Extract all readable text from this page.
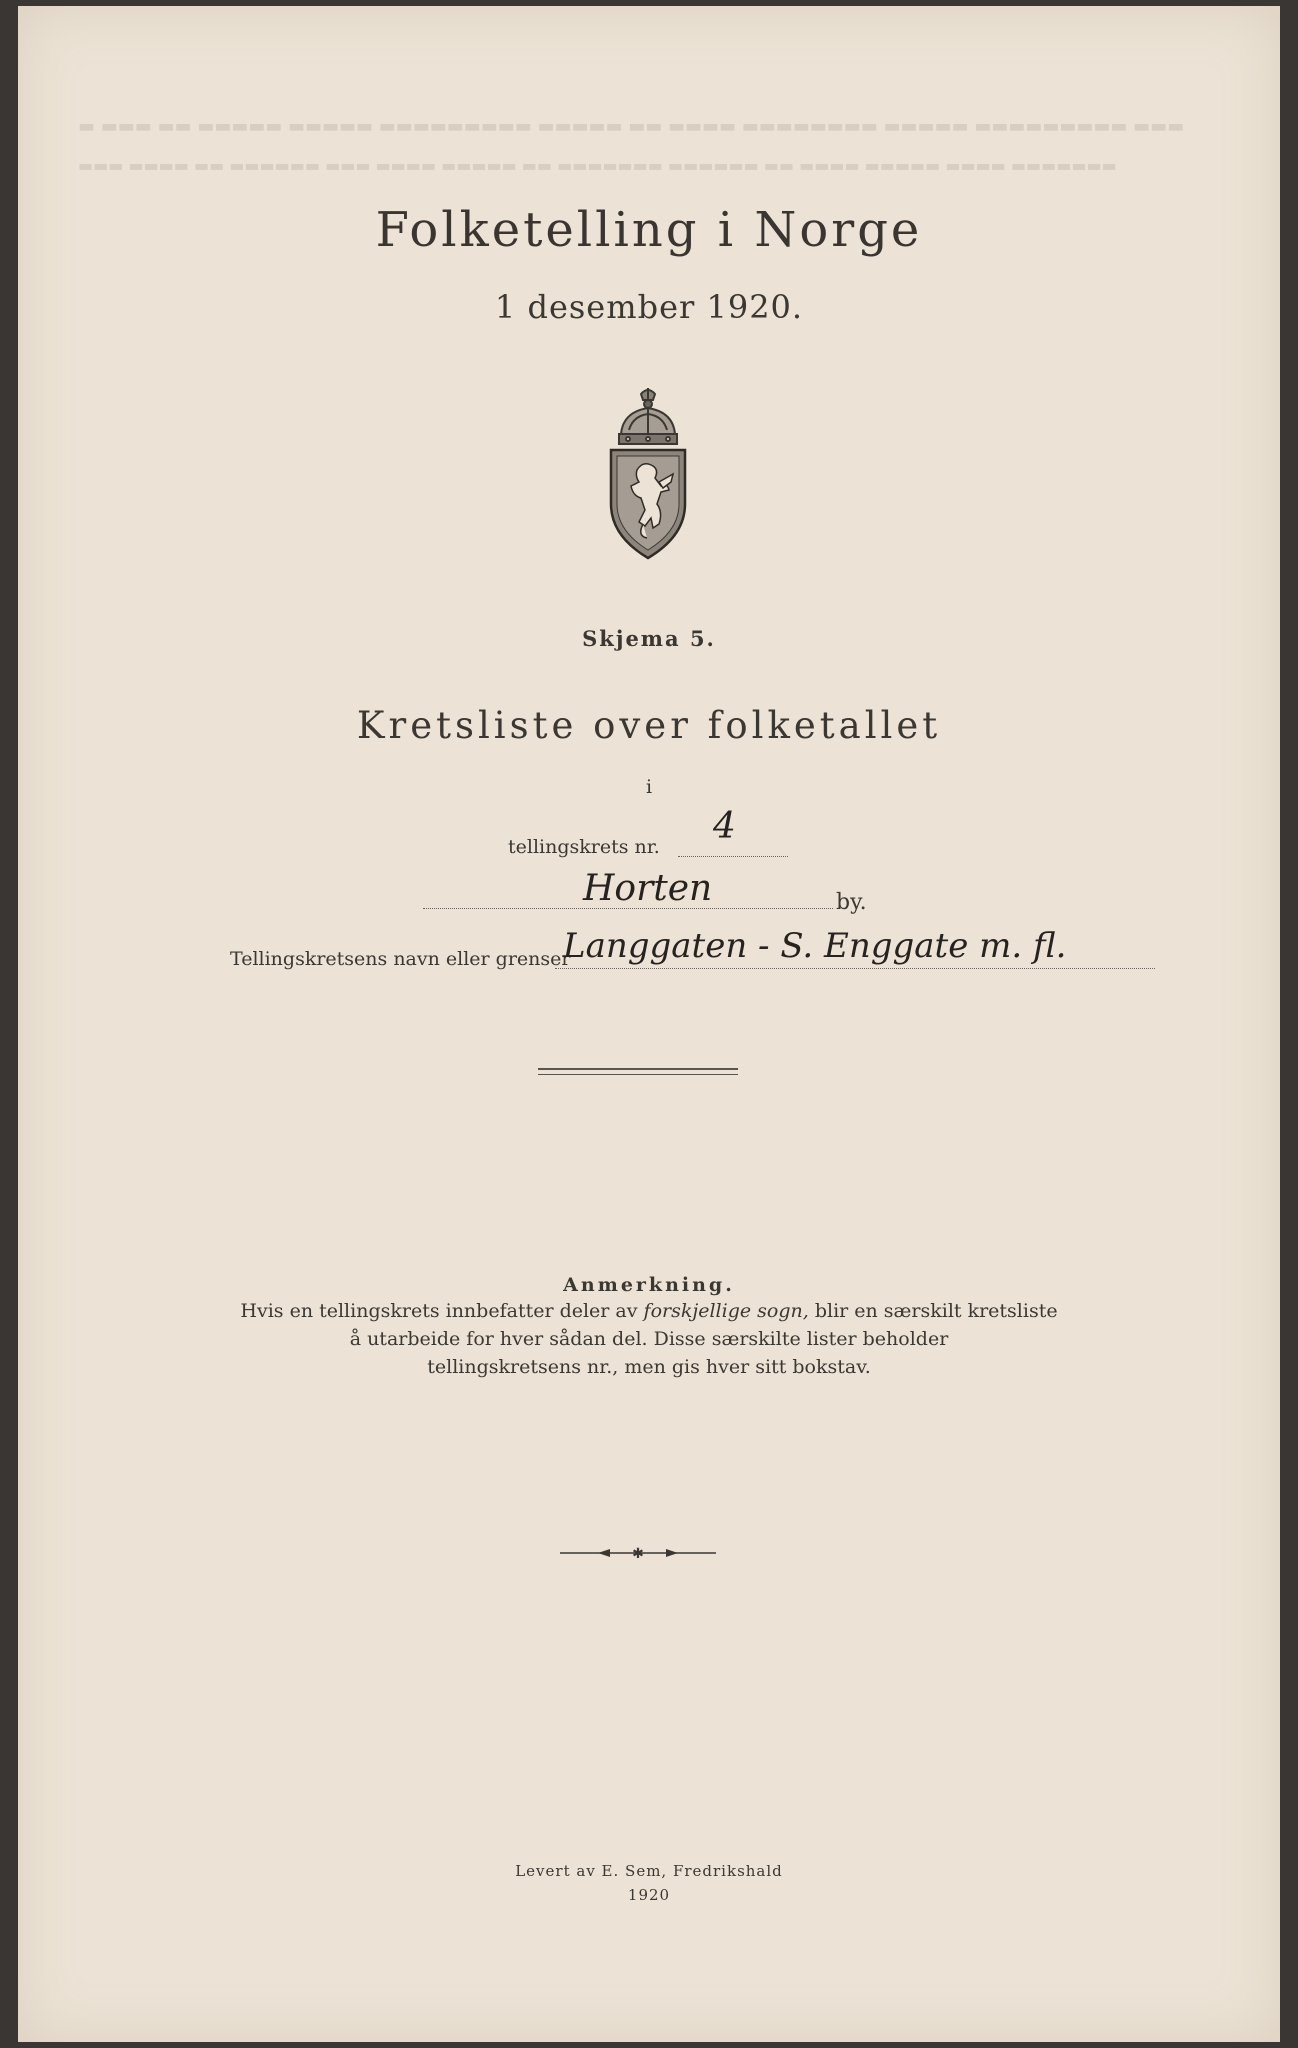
▬ ▬▬▬ ▬▬ ▬▬▬▬▬ ▬▬▬▬▬ ▬▬▬▬▬▬▬▬▬ ▬▬▬▬▬ ▬▬ ▬▬▬▬ ▬▬▬▬▬▬▬▬ ▬▬▬▬▬ ▬▬▬▬▬▬▬▬▬ ▬▬▬
▬▬▬ ▬▬▬▬ ▬▬ ▬▬▬▬▬▬ ▬▬▬ ▬▬▬▬ ▬▬▬▬▬ ▬▬ ▬▬▬▬▬▬▬ ▬▬▬▬▬▬ ▬▬ ▬▬▬▬ ▬▬▬▬▬ ▬▬▬▬ ▬▬▬▬▬▬▬
Folketelling i Norge
1 desember 1920.
Skjema 5.
Kretsliste over folketallet
i
tellingskrets nr. 4
Horten	by.
Tellingskretsens navn eller grenser
Langgaten - S. Enggate m. fl.
Anmerkning.
Hvis en tellingskrets innbefatter deler av forskjellige sogn, blir en særskilt kretsliste
å utarbeide for hver sådan del. Disse særskilte lister beholder
tellingskretsens nr., men gis hver sitt bokstav.
✱
Levert av E. Sem, Fredrikshald
1920
